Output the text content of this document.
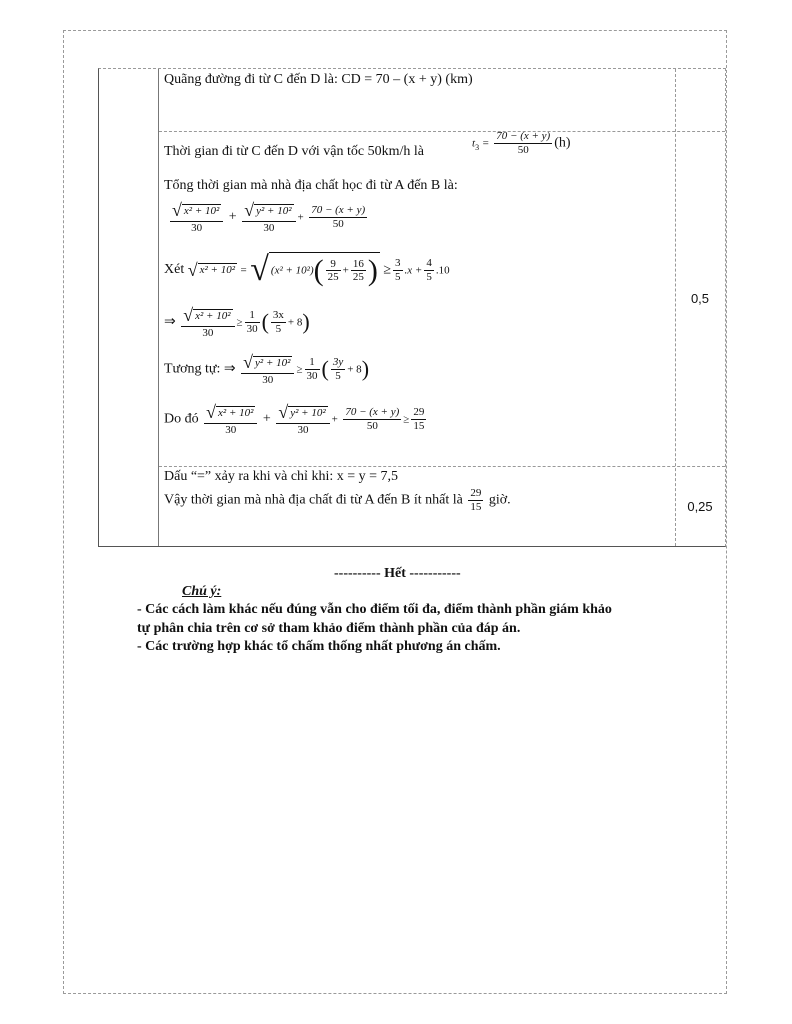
Quãng đường đi từ C đến D là: CD = 70 – (x + y) (km)
Thời gian đi từ C đến D với vận tốc 50km/h là
$t_3 = \frac{70 - (x + y)}{50} (h)$
Tổng thời gian mà nhà địa chất học đi từ A đến B là:
$\frac{\text{√ x² + 10²}}{30} + \frac{\text{√ y² + 10²}}{30} + \frac{70 - (x + y)}{50}$
Xét √ x² + 10² = √ $(x^2 + 10^2)( \frac{9}{25} + \frac{16}{25}$ ) ≥ $\frac{3}{5} .x + \frac{4}{5} .10$
⇒ $\frac{\text{√ x² + 10²}}{30} \ge \frac{1}{30}$ ( $\frac{3x}{5} + 8$)
Tương tự: ⇒ $\frac{\text{√ y² + 10²}}{30} \ge \frac{1}{30}$ ( $\frac{3y}{5} + 8$)
Do đó $\frac{\text{√ x² + 10²}}{30} + \frac{\text{√ y² + 10²}}{30} + \frac{70 - (x + y)}{50} \ge \frac{29}{15}$
0,5
Dấu “=” xảy ra khi và chỉ khi: x = y = 7,5
Vậy thời gian mà nhà địa chất đi từ A đến B ít nhất là $\frac{29}{15}$ giờ.	0,25
---------- Hết -----------
Chú ý:
- Các cách làm khác nếu đúng vẫn cho điểm tối đa, điểm thành phần giám khảo
tự phân chia trên cơ sở tham khảo điểm thành phần của đáp án.
- Các trường hợp khác tổ chấm thống nhất phương án chấm.
